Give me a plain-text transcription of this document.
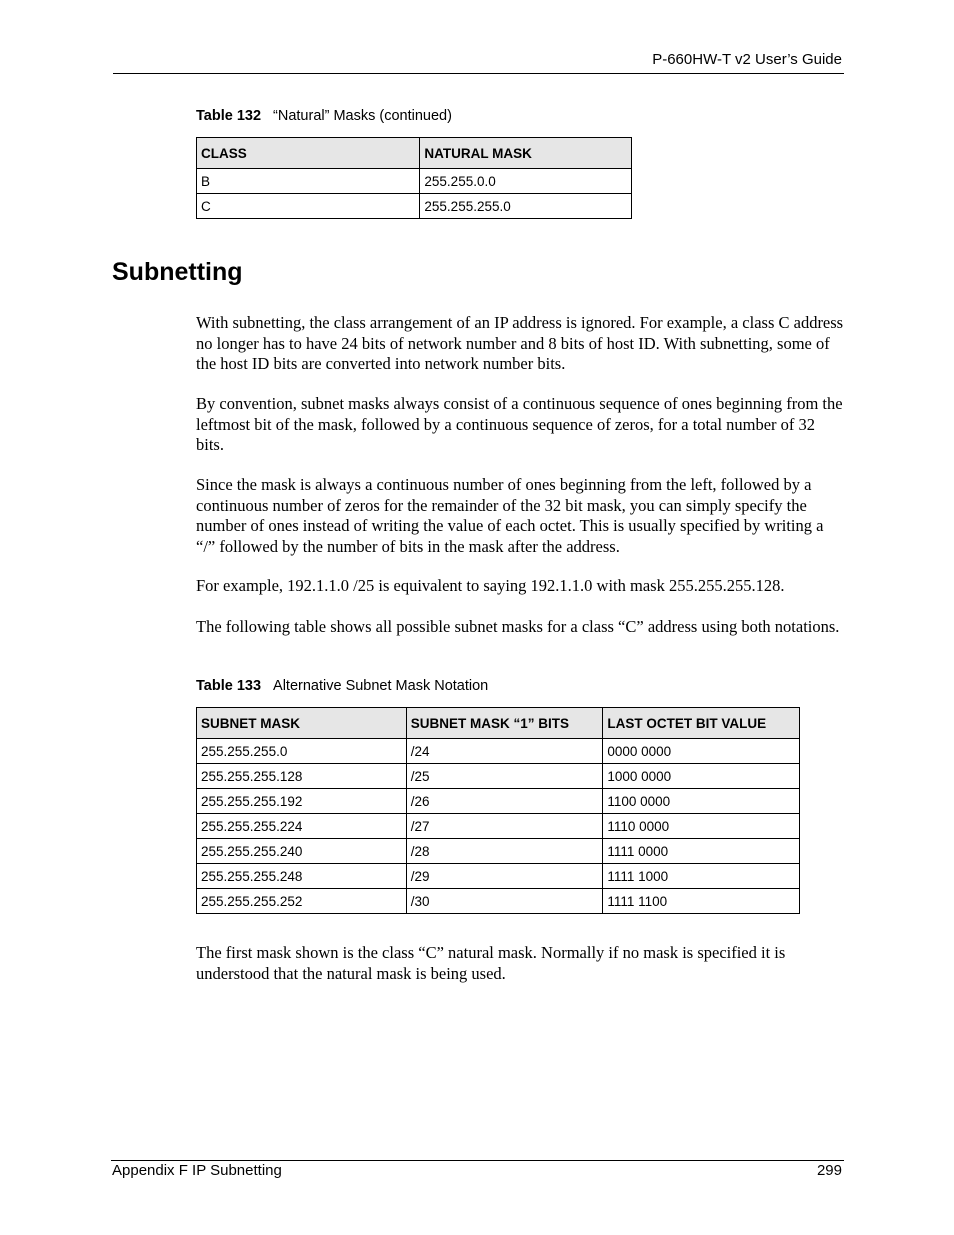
P-660HW-T v2 User’s Guide
Table 132 “Natural” Masks (continued)
CLASS	NATURAL MASK
B	255.255.0.0
C	255.255.255.0
Subnetting

With subnetting, the class arrangement of an IP address is ignored. For example, a class C address no longer has to have 24 bits of network number and 8 bits of host ID. With subnetting, some of the host ID bits are converted into network number bits.

By convention, subnet masks always consist of a continuous sequence of ones beginning from the leftmost bit of the mask, followed by a continuous sequence of zeros, for a total number of 32 bits.

Since the mask is always a continuous number of ones beginning from the left, followed by a continuous number of zeros for the remainder of the 32 bit mask, you can simply specify the number of ones instead of writing the value of each octet. This is usually specified by writing a “/” followed by the number of bits in the mask after the address.

For example, 192.1.1.0 /25 is equivalent to saying 192.1.1.0 with mask 255.255.255.128.

The following table shows all possible subnet masks for a class “C” address using both notations.

Table 133 Alternative Subnet Mask Notation
SUBNET MASK	SUBNET MASK “1” BITS	LAST OCTET BIT VALUE
255.255.255.0	/24	0000 0000
255.255.255.128	/25	1000 0000
255.255.255.192	/26	1100 0000
255.255.255.224	/27	1110 0000
255.255.255.240	/28	1111 0000
255.255.255.248	/29	1111 1000
255.255.255.252	/30	1111 1100

The first mask shown is the class “C” natural mask. Normally if no mask is specified it is understood that the natural mask is being used.

Appendix F IP Subnetting	299
